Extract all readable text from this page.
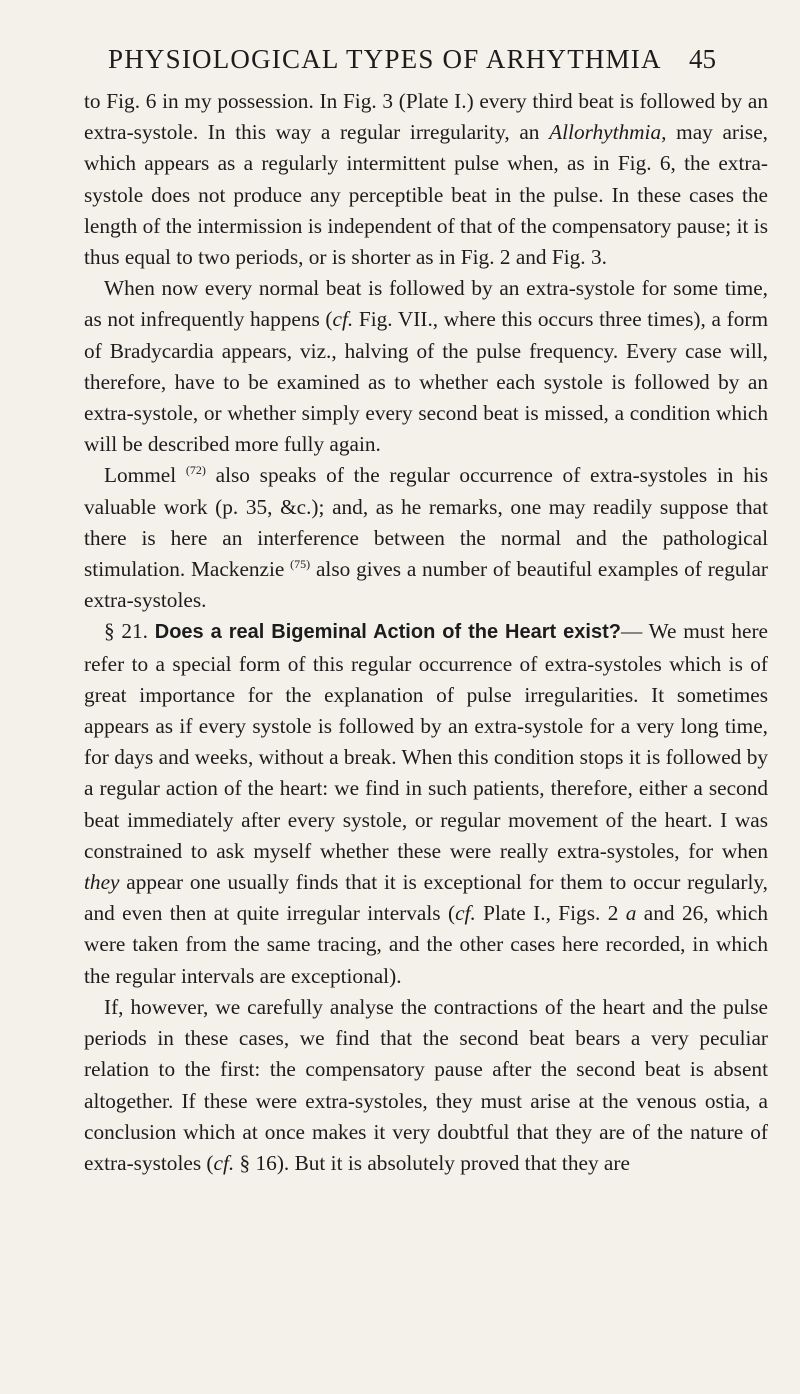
PHYSIOLOGICAL TYPES OF ARHYTHMIA 45

to Fig. 6 in my possession. In Fig. 3 (Plate I.) every third beat is followed by an extra-systole. In this way a regular irregularity, an Allorhythmia, may arise, which appears as a regularly intermittent pulse when, as in Fig. 6, the extra-systole does not produce any perceptible beat in the pulse. In these cases the length of the intermission is independent of that of the compensatory pause; it is thus equal to two periods, or is shorter as in Fig. 2 and Fig. 3.

When now every normal beat is followed by an extra-systole for some time, as not infrequently happens (cf. Fig. VII., where this occurs three times), a form of Bradycardia appears, viz., halving of the pulse frequency. Every case will, therefore, have to be examined as to whether each systole is followed by an extra-systole, or whether simply every second beat is missed, a condition which will be described more fully again.

Lommel $^{(72)}$ also speaks of the regular occurrence of extra-systoles in his valuable work (p. 35, &c.); and, as he remarks, one may readily suppose that there is here an interference between the normal and the pathological stimulation. Mackenzie $^{(75)}$ also gives a number of beautiful examples of regular extra-systoles.

§ 21. Does a real Bigeminal Action of the Heart exist?— We must here refer to a special form of this regular occurrence of extra-systoles which is of great importance for the explanation of pulse irregularities. It sometimes appears as if every systole is followed by an extra-systole for a very long time, for days and weeks, without a break. When this condition stops it is followed by a regular action of the heart: we find in such patients, therefore, either a second beat immediately after every systole, or regular movement of the heart. I was constrained to ask myself whether these were really extra-systoles, for when they appear one usually finds that it is exceptional for them to occur regularly, and even then at quite irregular intervals (cf. Plate I., Figs. 2 a and 26, which were taken from the same tracing, and the other cases here recorded, in which the regular intervals are exceptional).

If, however, we carefully analyse the contractions of the heart and the pulse periods in these cases, we find that the second beat bears a very peculiar relation to the first: the compensatory pause after the second beat is absent altogether. If these were extra-systoles, they must arise at the venous ostia, a conclusion which at once makes it very doubtful that they are of the nature of extra-systoles (cf. § 16). But it is absolutely proved that they are
